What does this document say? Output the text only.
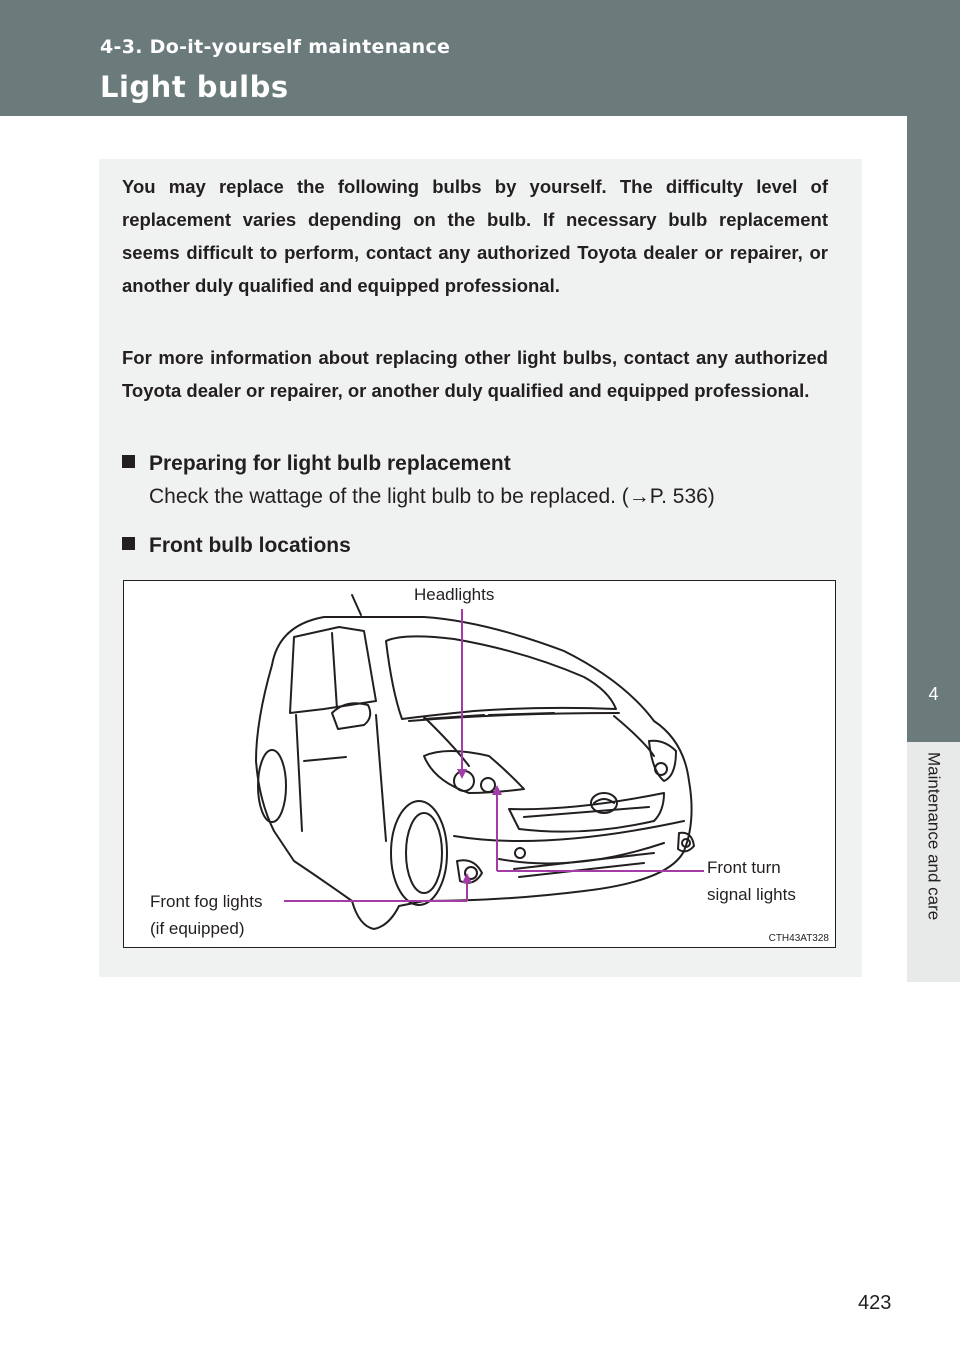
4-3. Do-it-yourself maintenance
Light bulbs
4
Maintenance and care

You may replace the following bulbs by yourself. The difficulty level of replacement varies depending on the bulb. If necessary bulb replacement seems difficult to perform, contact any authorized Toyota dealer or repairer, or another duly qualified and equipped professional.

For more information about replacing other light bulbs, contact any authorized Toyota dealer or repairer, or another duly qualified and equipped professional.

Preparing for light bulb replacement
Check the wattage of the light bulb to be replaced. (→P. 536)
Front bulb locations
Headlights
Front turn
signal lights
Front fog lights
(if equipped)
CTH43AT328
423
